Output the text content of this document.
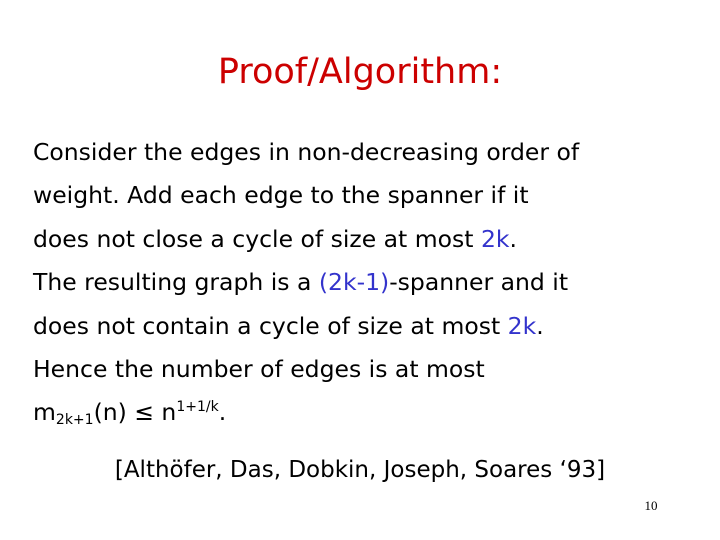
Proof/Algorithm:
Consider the edges in non-decreasing order of
weight. Add each edge to the spanner if it
does not close a cycle of size at most 2k.
The resulting graph is a (2k-1)-spanner and it
does not contain a cycle of size at most 2k.
Hence the number of edges is at most
$m_{2k+1}(n) \le n^{1+1/k}$.
[Althöfer, Das, Dobkin, Joseph, Soares ‘93]
10
